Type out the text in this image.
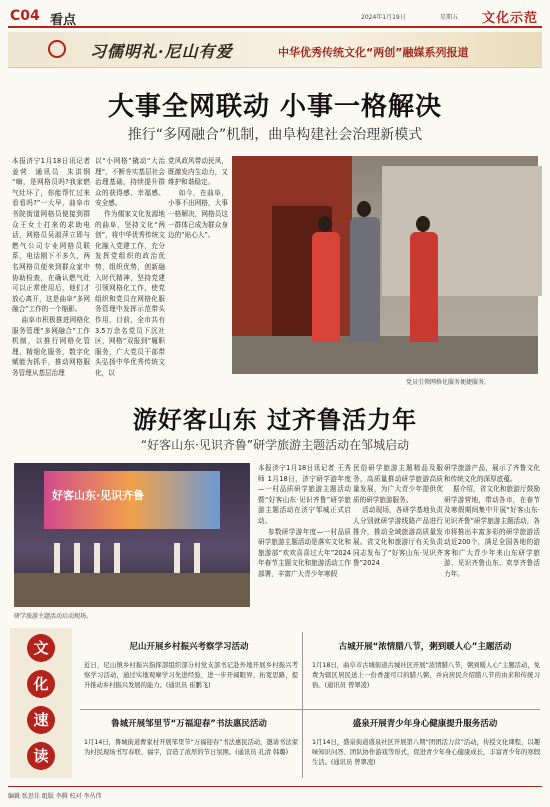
C04 看点	2024年1月19日	星期五 文化示范
习儒明礼·尼山有爱	中华优秀传统文化“两创”融媒系列报道
大事全网联动 小事一格解决
推行“多网融合”机制，曲阜构建社会治理新模式
本报济宁1月18日讯记者 姜营  通讯员  朱洪钢 “嗨，是网格员吗?我家燃气灶坏了，你能帮忙过来看看吗?”一大早，曲阜市书院街道网格员便接到群众王女士打来的求助电话，网格员吴淑萍立即与燃气公司专业网格员联系，电话刚下不多久，两名网格员便来到群众家中协助检查，在确认燃气灶可以正常使用后，他们才放心离开，这是曲阜“多网融合”工作的一个缩影。
曲阜市积极推进网格化服务管理“多网融合”工作机制，以推行网格化管理，精细化服务，数字化赋能为抓手，推动网格服务管理从基层治理
以“小网格”撬动“大治理”，不断夯实基层社会治理基础，持续提升群众的获得感、幸福感、安全感。
作为儒家文化发源地的曲阜，坚持文化“两创”，将中华优秀传统文化融入党建工作，充分发挥党组织的政治优势，组织优势，创新融入时代精神，坚持党建引领网格化工作，使党组织和党员在网格化服务管理中发挥示范带头作用，目前，全市共有3.5万余名党员下沉社区，网格“双报到”履职服务，广大党员干部带头弘扬中华优秀传统文化，以
党风政风带动民风，既激发内生动力，又维护和谐稳定。
如今，在曲阜，小事不出网格，大事一格解决，网格员这一群体已成为群众身边的“贴心人”。
党员引领网格化服务便捷服务。
游好客山东 过齐鲁活力年
“好客山东·见识齐鲁”研学旅游主题活动在邹城启动
好客山东·见识齐鲁
研学旅游主题活动启动现场。
本报济宁1月18日讯记者 王秀师 1月18日，济宁研学游年度—一村品质研学旅游主题活动暨“好客山东·见识齐鲁”研学旅游主题活动在济宁邹城正式启动。
参数研学游年度—一村品质研学旅游主题活动是落实文化和旅游部“欢欢喜喜过大年”2024年春节主题文化和旅游活动工作部署，丰富广大青少年寒假
民俗研学旅游主题精品及服务，高质量推动研学旅游高质量发展，为广大青少年提供优质的研学旅游服务。
活动现场，各研学基地负责人分别就研学游线路产品进行推介，推动全域旅游高质量发展。省文化和旅游厅有关负责同志发布了“好客山东·见识齐鲁”2024
研学旅游产品，展示了齐鲁文化和传统文化的深厚底蕴。
据介绍，省文化和旅游厅鼓励研学游营地，带动各市，在春节及寒假期间集中开展“好客山东·见识齐鲁”研学旅游主题活动，各市将推出丰富多彩的研学旅游活动近200个，满足全国各地的游客和广大青少年来山东研学旅游、见识齐鲁山东、欢享齐鲁活力年。
文
化
速
读
尼山开展乡村振兴考察学习活动
近日，尼山镇乡村振兴指挥部组织部分村党支部书记赴外地开展乡村振兴考察学习活动，通过实地观摩学习先进经验，进一步开阔眼界、拓宽思路，提升推动乡村振兴发展的能力。(通讯员 崔鹏飞)
鲁城开展邹里节“万福迎春”书法惠民活动
1月14日，鲁城街道曹家村开展邹里节“万福迎春”书法惠民活动，邀请书法家为村民现场书写春联、福字，营造了浓厚的节日氛围。(通讯员 孔清 韩璐)
古城开展“浓情腊八节，粥到暖人心”主题活动
1月18日，曲阜市古城街道古城社区开展“浓情腊八节，粥到暖人心”主题活动，免费为辖区居民送上一份香甜可口的腊八粥，并向居民介绍腊八节的由来和传统习俗。(通讯员 曾翠凌)
盛泉开展青少年身心健康提升服务活动
1月14日，盛泉街道盛泉社区开展第八期“团团活力营”活动，传授文化课程，以趣味知识问答、团队协作游戏等形式，促进青少年身心健康成长，丰富青少年的寒假生活。(通讯员 曾翠凌)
编辑 张思佳 组版 李腾 校对 李丛伟
